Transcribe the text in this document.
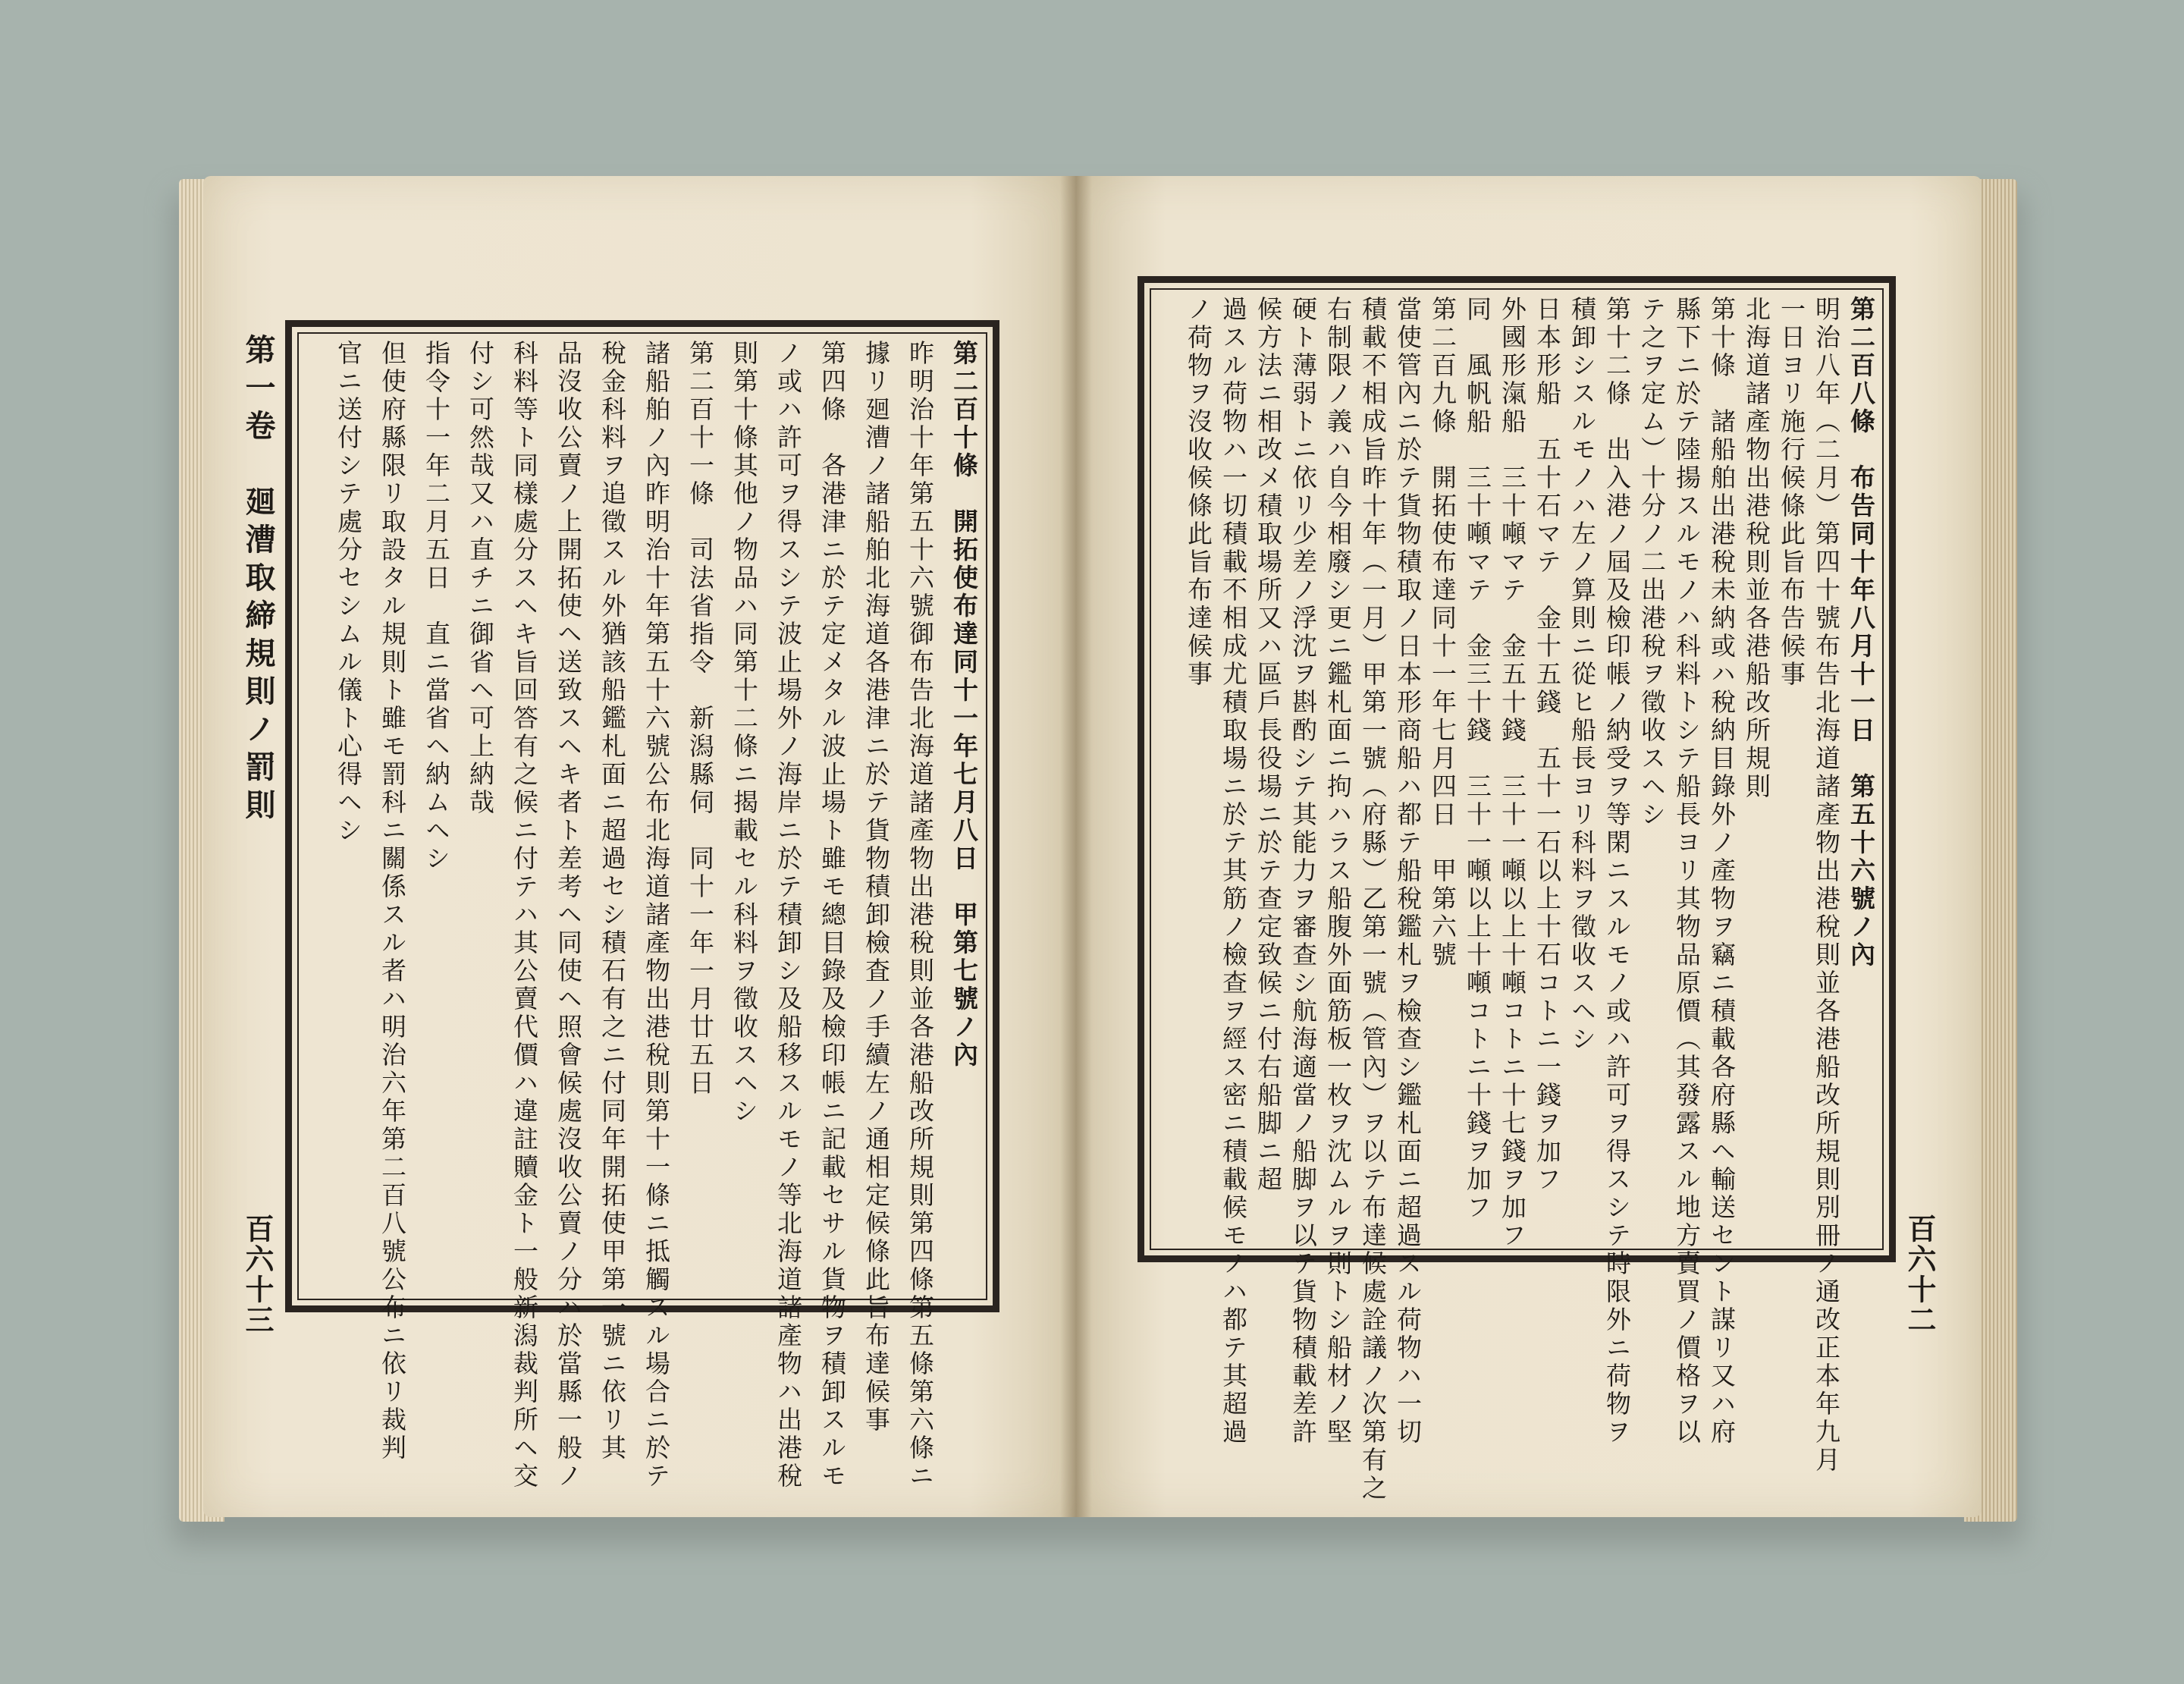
第一卷　廻漕取締規則ノ罰則
百六十三
第二百十條　開拓使布達同十一年七月八日　甲第七號ノ內
昨明治十年第五十六號御布告北海道諸產物出港稅則並各港船改所規則第四條第五條第六條ニ
據リ廻漕ノ諸船舶北海道各港津ニ於テ貨物積卸檢査ノ手續左ノ通相定候條此旨布達候事
第四條　各港津ニ於テ定メタル波止場ト雖モ總目錄及檢印帳ニ記載セサル貨物ヲ積卸スルモ
ノ或ハ許可ヲ得スシテ波止場外ノ海岸ニ於テ積卸シ及船移スルモノ等北海道諸產物ハ出港稅
則第十條其他ノ物品ハ同第十二條ニ揭載セル科料ヲ徵收スヘシ
第二百十一條　司法省指令　新潟縣伺　同十一年一月廿五日
諸船舶ノ內昨明治十年第五十六號公布北海道諸產物出港稅則第十一條ニ抵觸スル場合ニ於テ
稅金科料ヲ追徵スル外猶該船鑑札面ニ超過セシ積石有之ニ付同年開拓使甲第一號ニ依リ其
品沒收公賣ノ上開拓使ヘ送致スヘキ者ト差考ヘ同使ヘ照會候處沒收公賣ノ分ハ於當縣一般ノ
科料等ト同樣處分スヘキ旨回答有之候ニ付テハ其公賣代價ハ違註贖金ト一般新潟裁判所ヘ交
付シ可然哉又ハ直チニ御省ヘ可上納哉
指令十一年二月五日　直ニ當省ヘ納ムヘシ
但使府縣限リ取設タル規則ト雖モ罰科ニ關係スル者ハ明治六年第二百八號公布ニ依リ裁判
官ニ送付シテ處分セシムル儀ト心得ヘシ
百六十二
第二百八條　布告同十年八月十一日　第五十六號ノ內
明治八年（二月）第四十號布告北海道諸產物出港稅則並各港船改所規則別冊ノ通改正本年九月
一日ヨリ施行候條此旨布告候事
北海道諸產物出港稅則並各港船改所規則
第十條　諸船舶出港稅未納或ハ稅納目錄外ノ產物ヲ竊ニ積載各府縣ヘ輸送セント謀リ又ハ府
縣下ニ於テ陸揚スルモノハ科料トシテ船長ヨリ其物品原價（其發露スル地方賣買ノ價格ヲ以
テ之ヲ定ム）十分ノ二出港稅ヲ徵收スヘシ
第十二條　出入港ノ屆及檢印帳ノ納受ヲ等閑ニスルモノ或ハ許可ヲ得スシテ時限外ニ荷物ヲ
積卸シスルモノハ左ノ算則ニ從ヒ船長ヨリ科料ヲ徵收スヘシ
日本形船　五十石マテ　金十五錢　五十一石以上十石コトニ一錢ヲ加フ
外國形滊船　三十噸マテ　金五十錢　三十一噸以上十噸コトニ十七錢ヲ加フ
同　風帆船　三十噸マテ　金三十錢　三十一噸以上十噸コトニ十錢ヲ加フ
第二百九條　開拓使布達同十一年七月四日　甲第六號
當使管內ニ於テ貨物積取ノ日本形商船ハ都テ船稅鑑札ヲ檢查シ鑑札面ニ超過スル荷物ハ一切
積載不相成旨昨十年（一月）甲第一號（府縣）乙第一號（管內）ヲ以テ布達候處詮議ノ次第有之
右制限ノ義ハ自今相廢シ更ニ鑑札面ニ拘ハラス船腹外面筋板一枚ヲ沈ムルヲ則トシ船材ノ堅
硬ト薄弱トニ依リ少差ノ浮沈ヲ斟酌シテ其能力ヲ審查シ航海適當ノ船脚ヲ以テ貨物積載差許
候方法ニ相改メ積取場所又ハ區戶長役場ニ於テ查定致候ニ付右船脚ニ超
過スル荷物ハ一切積載不相成尤積取場ニ於テ其筋ノ檢查ヲ經ス密ニ積載候モノハ都テ其超過
ノ荷物ヲ沒收候條此旨布達候事
